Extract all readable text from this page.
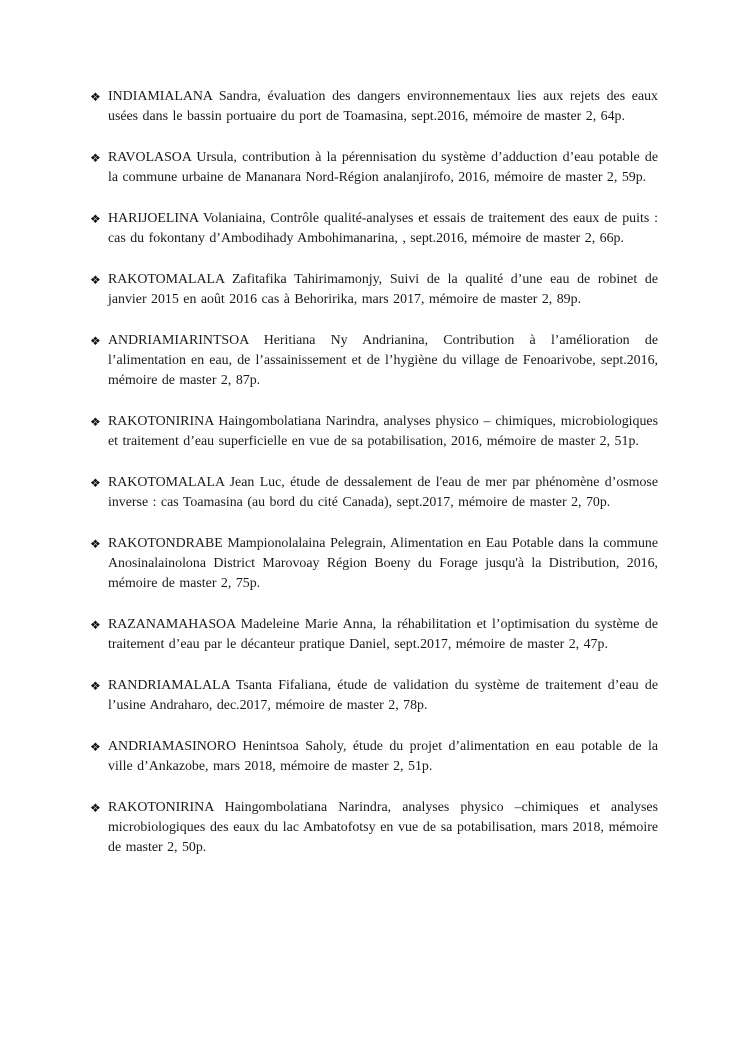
❖ INDIAMIALANA Sandra, évaluation des dangers environnementaux lies aux rejets des eaux usées dans le bassin portuaire du port de Toamasina, sept.2016, mémoire de master 2, 64p.
❖ RAVOLASOA Ursula, contribution à la pérennisation du système d’adduction d’eau potable de la commune urbaine de Mananara Nord-Région analanjirofo, 2016, mémoire de master 2, 59p.
❖ HARIJOELINA Volaniaina, Contrôle qualité-analyses et essais de traitement des eaux de puits : cas du fokontany d’Ambodihady Ambohimanarina, , sept.2016, mémoire de master 2, 66p.
❖ RAKOTOMALALA Zafitafika Tahirimamonjy, Suivi de la qualité d’une eau de robinet de janvier 2015 en août 2016 cas à Behoririka, mars 2017, mémoire de master 2, 89p.
❖ ANDRIAMIARINTSOA Heritiana Ny Andrianina, Contribution à l’amélioration de l’alimentation en eau, de l’assainissement et de l’hygiène du village de Fenoarivobe, sept.2016, mémoire de master 2, 87p.
❖ RAKOTONIRINA Haingombolatiana Narindra, analyses physico – chimiques, microbiologiques et traitement d’eau superficielle en vue de sa potabilisation, 2016, mémoire de master 2, 51p.
❖ RAKOTOMALALA Jean Luc, étude de dessalement de l'eau de mer par phénomène d’osmose inverse : cas Toamasina (au bord du cité Canada), sept.2017, mémoire de master 2, 70p.
❖ RAKOTONDRABE Mampionolalaina Pelegrain, Alimentation en Eau Potable dans la commune Anosinalainolona District Marovoay Région Boeny du Forage jusqu'à la Distribution, 2016, mémoire de master 2, 75p.
❖ RAZANAMAHASOA Madeleine Marie Anna, la réhabilitation et l’optimisation du système de traitement d’eau par le décanteur pratique Daniel, sept.2017, mémoire de master 2, 47p.
❖ RANDRIAMALALA Tsanta Fifaliana, étude de validation du système de traitement d’eau de l’usine Andraharo, dec.2017, mémoire de master 2, 78p.
❖ ANDRIAMASINORO Henintsoa Saholy, étude du projet d’alimentation en eau potable de la ville d’Ankazobe, mars 2018, mémoire de master 2, 51p.
❖ RAKOTONIRINA Haingombolatiana Narindra, analyses physico –chimiques et analyses microbiologiques des eaux du lac Ambatofotsy en vue de sa potabilisation, mars 2018, mémoire de master 2, 50p.
